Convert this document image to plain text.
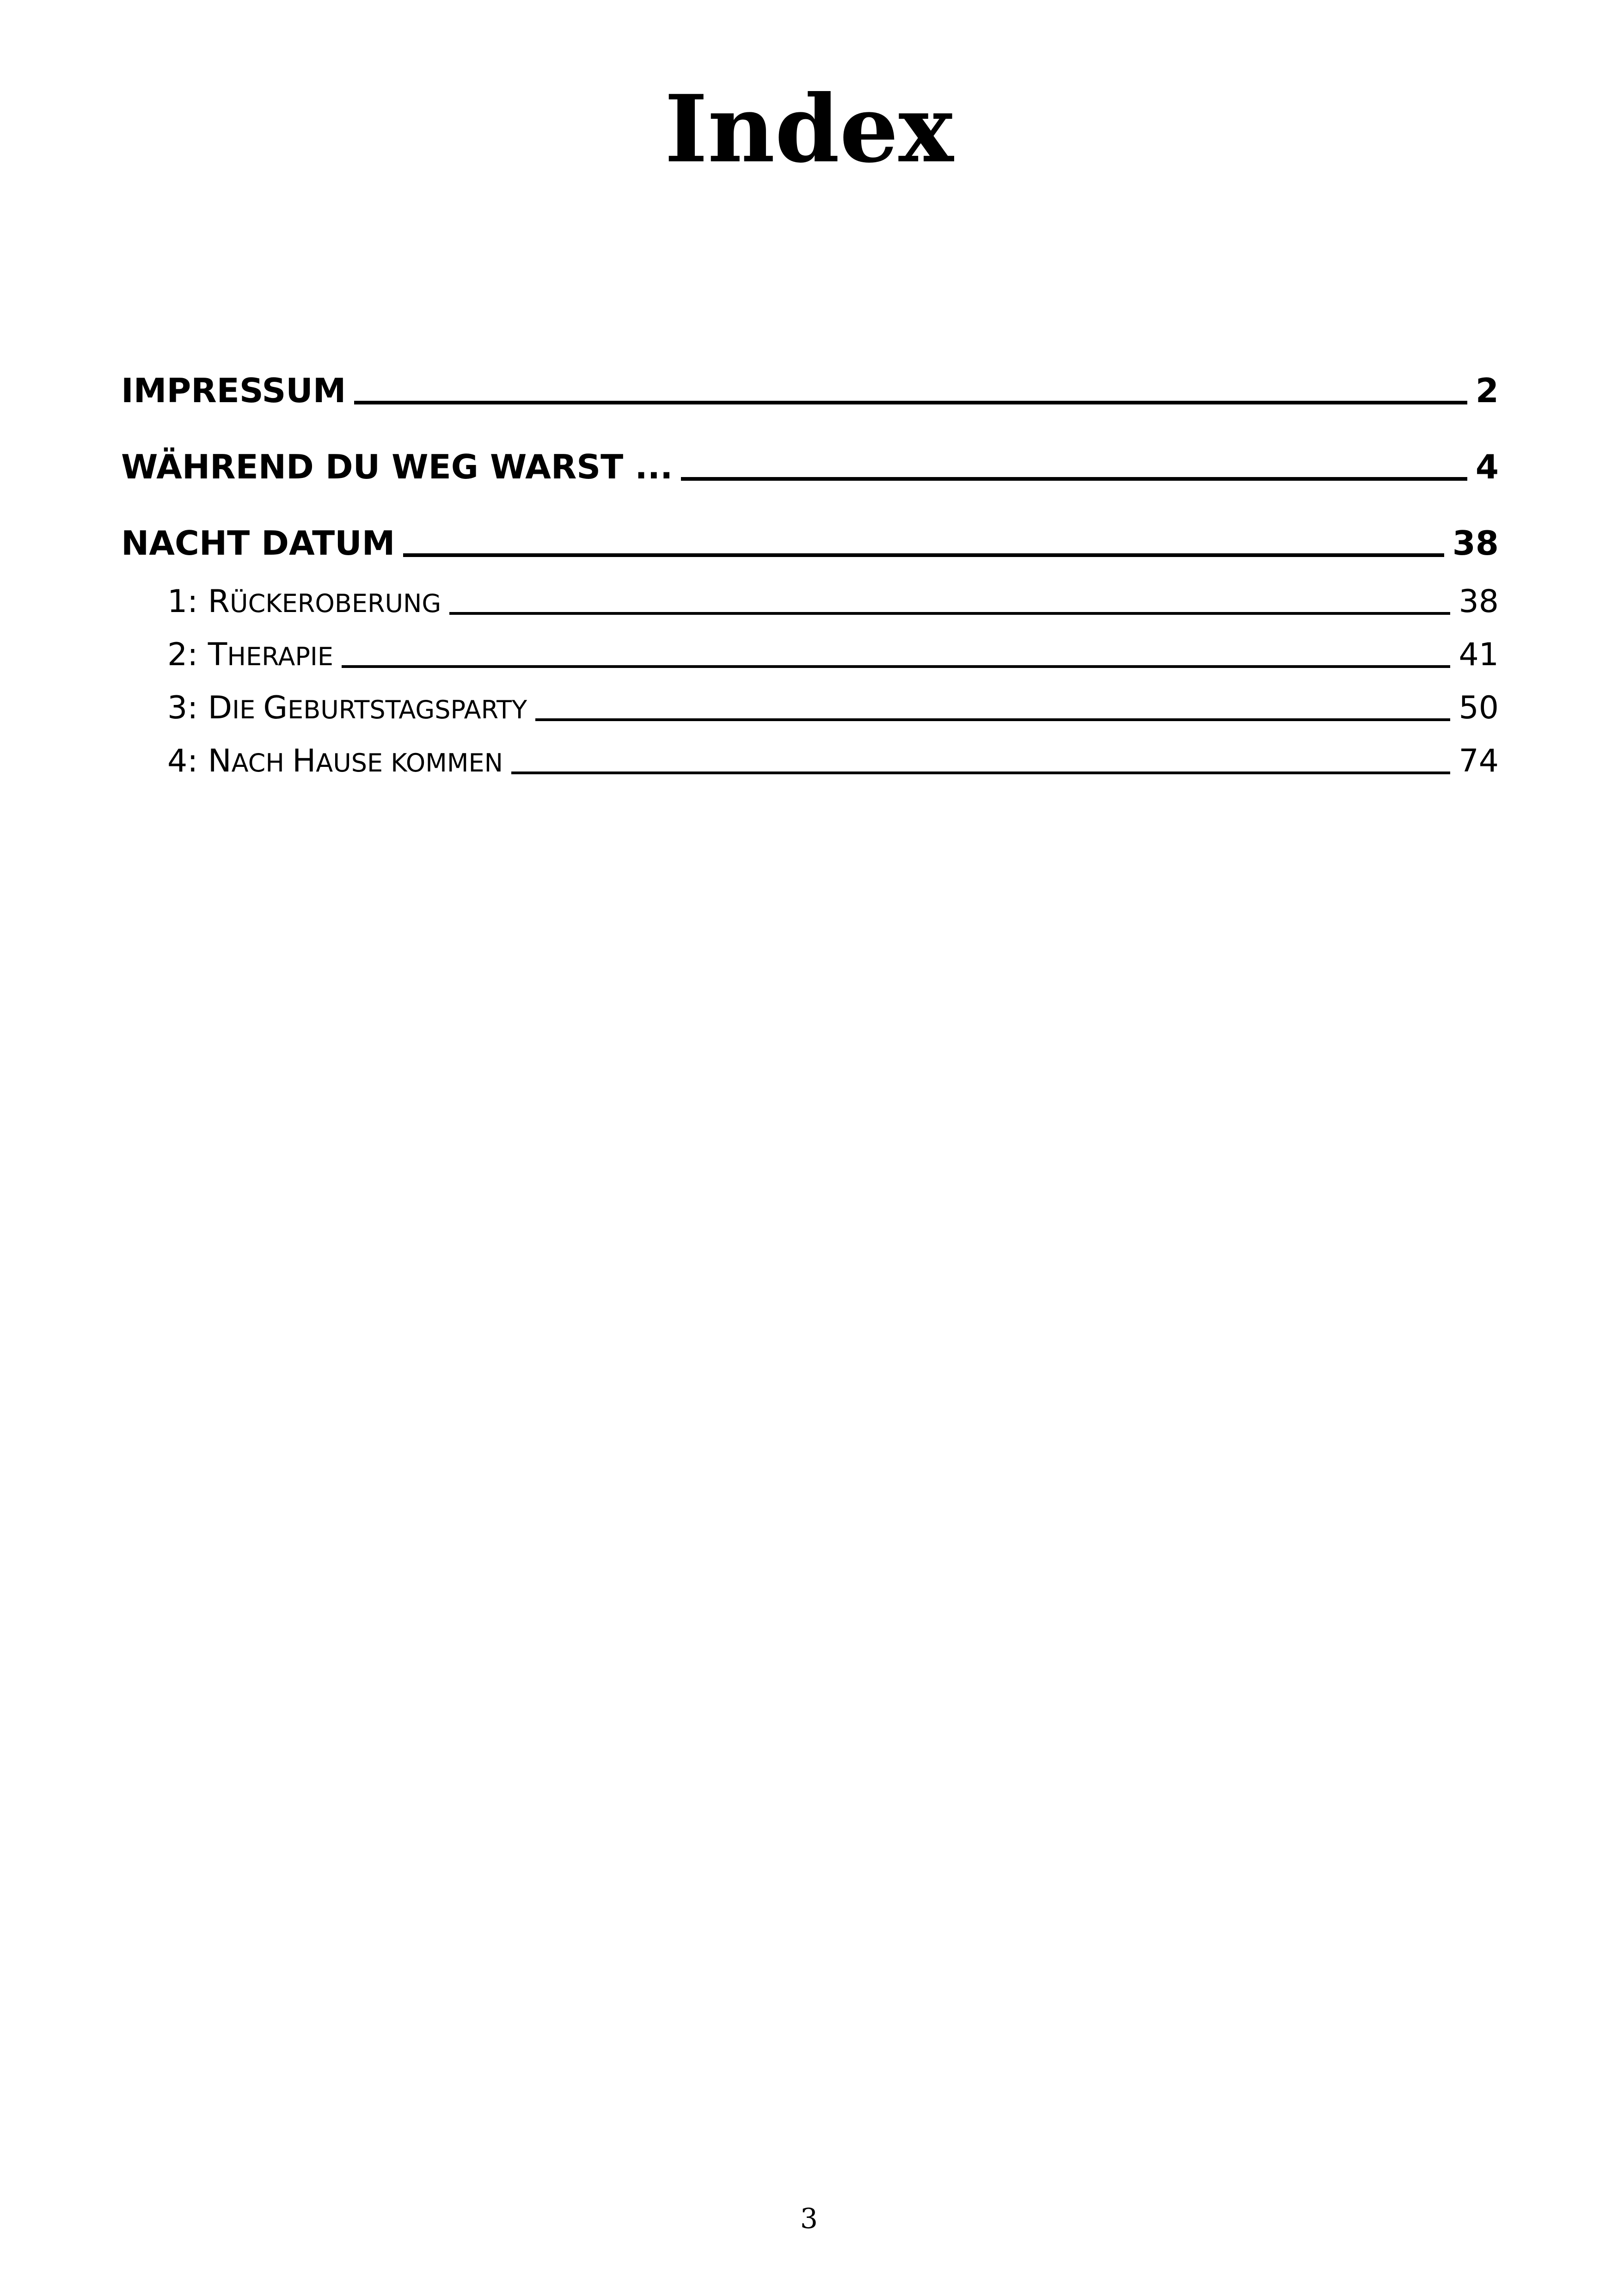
Index
IMPRESSUM	2
WÄHREND DU WEG WARST ...	4
NACHT DATUM	38
1: RÜCKEROBERUNG	38
2: THERAPIE	41
3: DIE GEBURTSTAGSPARTY	50
4: NACH HAUSE KOMMEN	74
3
